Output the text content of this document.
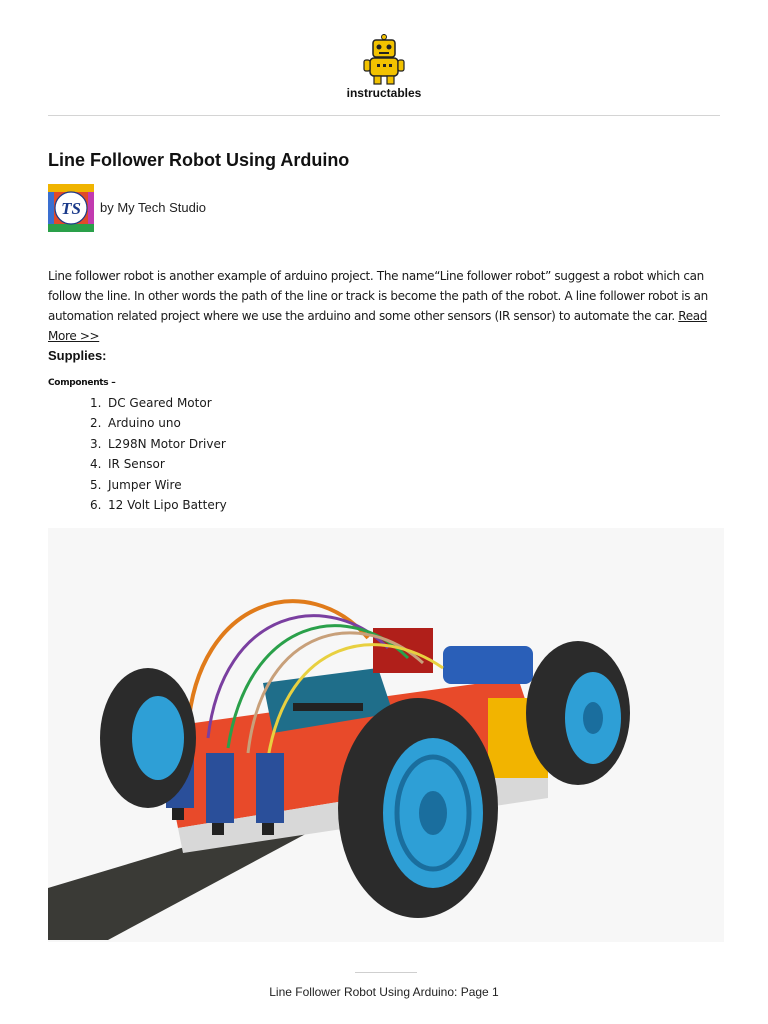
instructables
Line Follower Robot Using Arduino
TS by My Tech Studio

Line follower robot is another example of arduino project. The name“Line follower robot” suggest a robot which can follow the line. In other words the path of the line or track is become the path of the robot. A line follower robot is an automation related project where we use the arduino and some other sensors (IR sensor) to automate the car. Read More >>

Supplies:
Components –
1. DC Geared Motor
2. Arduino uno
3. L298N Motor Driver
4. IR Sensor
5. Jumper Wire
6. 12 Volt Lipo Battery
Line Follower Robot Using Arduino: Page 1
